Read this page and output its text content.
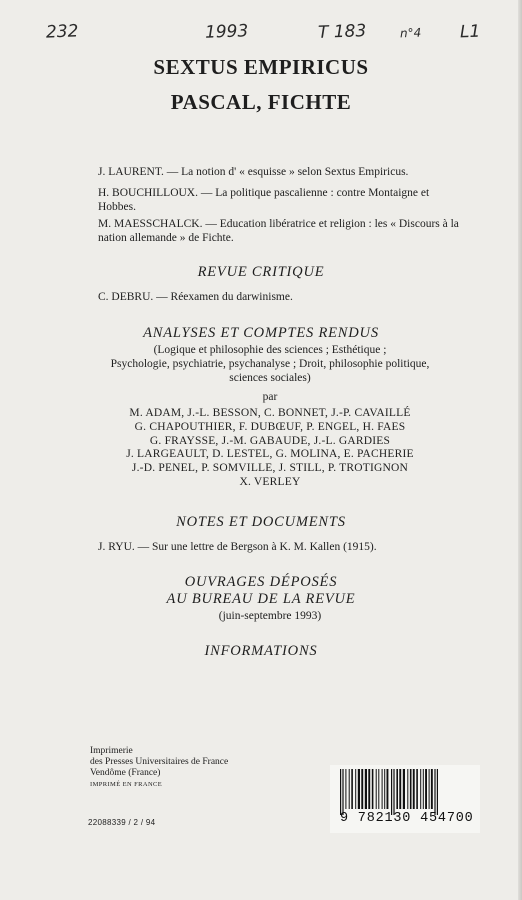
232	1993	T 183	n°4 L1
SEXTUS EMPIRICUS
PASCAL, FICHTE
J. LAURENT. — La notion d' « esquisse » selon Sextus Empiricus.
H. BOUCHILLOUX. — La politique pascalienne : contre Montaigne et Hobbes.
M. MAESSCHALCK. — Education libératrice et religion : les « Discours à la nation allemande » de Fichte.
REVUE CRITIQUE
C. DEBRU. — Réexamen du darwinisme.
ANALYSES ET COMPTES RENDUS
(Logique et philosophie des sciences ; Esthétique ;
Psychologie, psychiatrie, psychanalyse ; Droit, philosophie politique,
sciences sociales)
par
M. ADAM, J.-L. BESSON, C. BONNET, J.-P. CAVAILLÉ
G. CHAPOUTHIER, F. DUBŒUF, P. ENGEL, H. FAES
G. FRAYSSE, J.-M. GABAUDE, J.-L. GARDIES
J. LARGEAULT, D. LESTEL, G. MOLINA, E. PACHERIE
J.-D. PENEL, P. SOMVILLE, J. STILL, P. TROTIGNON
X. VERLEY
NOTES ET DOCUMENTS
J. RYU. — Sur une lettre de Bergson à K. M. Kallen (1915).
OUVRAGES DÉPOSÉS
AU BUREAU DE LA REVUE
(juin-septembre 1993)
INFORMATIONS
Imprimerie
des Presses Universitaires de France
Vendôme (France)
IMPRIMÉ EN FRANCE
22088339 / 2 / 94	9 782130 454700
